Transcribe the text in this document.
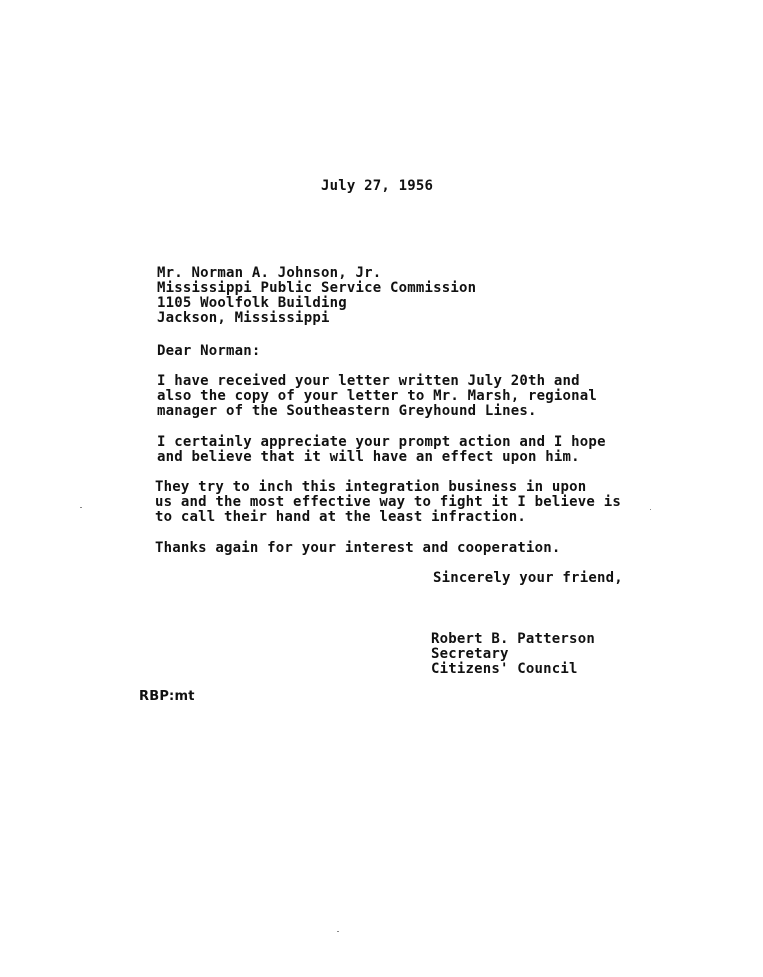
July 27, 1956
Mr. Norman A. Johnson, Jr.
Mississippi Public Service Commission
1105 Woolfolk Building
Jackson, Mississippi
Dear Norman:
I have received your letter written July 20th and
also the copy of your letter to Mr. Marsh, regional
manager of the Southeastern Greyhound Lines.
I certainly appreciate your prompt action and I hope
and believe that it will have an effect upon him.
They try to inch this integration business in upon
us and the most effective way to fight it I believe is
to call their hand at the least infraction.
Thanks again for your interest and cooperation.
Sincerely your friend,
Robert B. Patterson
Secretary
Citizens' Council
RBP:mt
